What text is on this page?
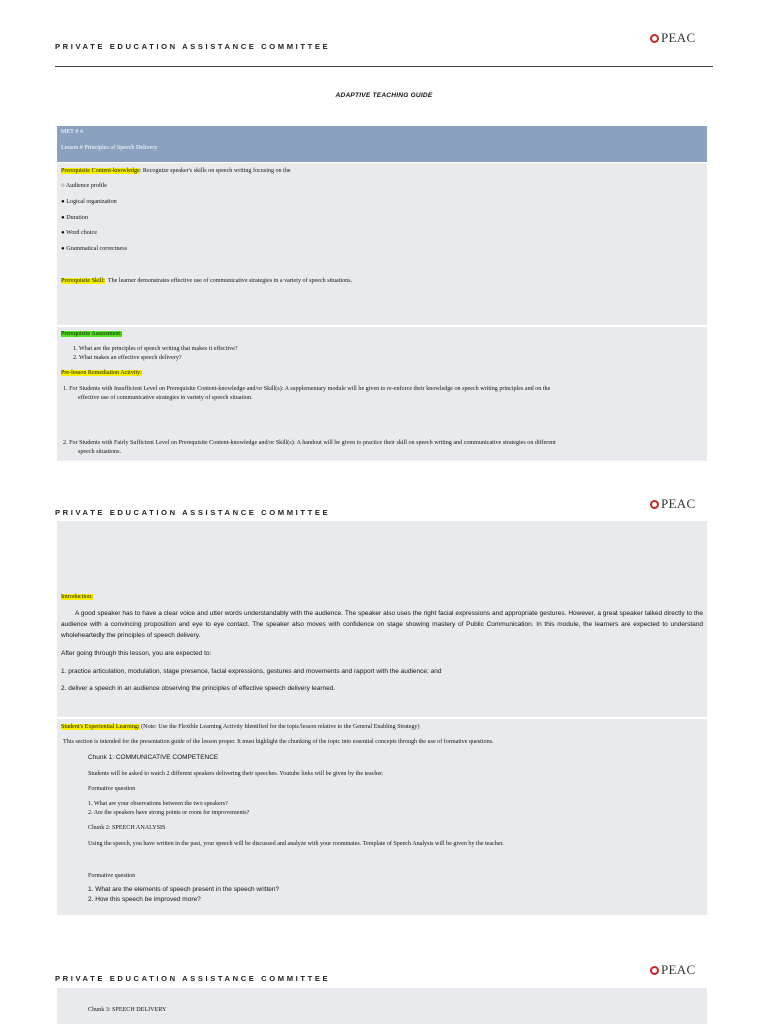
PRIVATE EDUCATION ASSISTANCE COMMITTEE
PEAC
ADAPTIVE TEACHING GUIDE
MET # 4
Lesson # Principles of Speech Delivery
Prerequisite Content-knowledge: Recognize speaker's skills on speech writing focusing on the
○ Audience profile
● Logical organization
● Duration
● Word choice
● Grammatical correctness
Prerequisite Skill: The learner demonstrates effective use of communicative strategies in a variety of speech situations.
Prerequisite Assessment:
1. What are the principles of speech writing that makes it effective?
2. What makes an effective speech delivery?
Pre-lesson Remediation Activity:
1. For Students with Insufficient Level on Prerequisite Content-knowledge and/or Skill(s): A supplementary module will be given to re-enforce their knowledge on speech writing principles and on the
effective use of communicative strategies in variety of speech situation.
2. For Students with Fairly Sufficient Level on Prerequisite Content-knowledge and/or Skill(s): A handout will be given to practice their skill on speech writing and communicative strategies on different
speech situations.
PRIVATE EDUCATION ASSISTANCE COMMITTEE
PEAC
Introduction:
A good speaker has to have a clear voice and utter words understandably with the audience. The speaker also uses the right facial expressions and appropriate gestures. However, a great speaker talked directly to the audience with a convincing proposition and eye to eye contact. The speaker also moves with confidence on stage showing mastery of Public Communication. In this module, the learners are expected to understand wholeheartedly the principles of speech delivery.
After going through this lesson, you are expected to:
1. practice articulation, modulation, stage presence, facial expressions, gestures and movements and rapport with the audience; and
2. deliver a speech in an audience observing the principles of effective speech delivery learned.
Student's Experiential Learning: (Note: Use the Flexible Learning Activity Identified for the topic/lesson relative to the General Enabling Strategy)
This section is intended for the presentation guide of the lesson proper. It must highlight the chunking of the topic into essential concepts through the use of formative questions.
Chunk 1: COMMUNICATIVE COMPETENCE
Students will be asked to watch 2 different speakers delivering their speeches. Youtube links will be given by the teacher.
Formative question
1. What are your observations between the two speakers?
2. Are the speakers have strong points or room for improvements?
Chunk 2: SPEECH ANALYSIS
Using the speech, you have written in the past, your speech will be discussed and analyze with your roommates. Template of Speech Analysis will be given by the teacher.
Formative question
1. What are the elements of speech present in the speech written?
2. How this speech be improved more?
PRIVATE EDUCATION ASSISTANCE COMMITTEE
PEAC
Chunk 3: SPEECH DELIVERY
